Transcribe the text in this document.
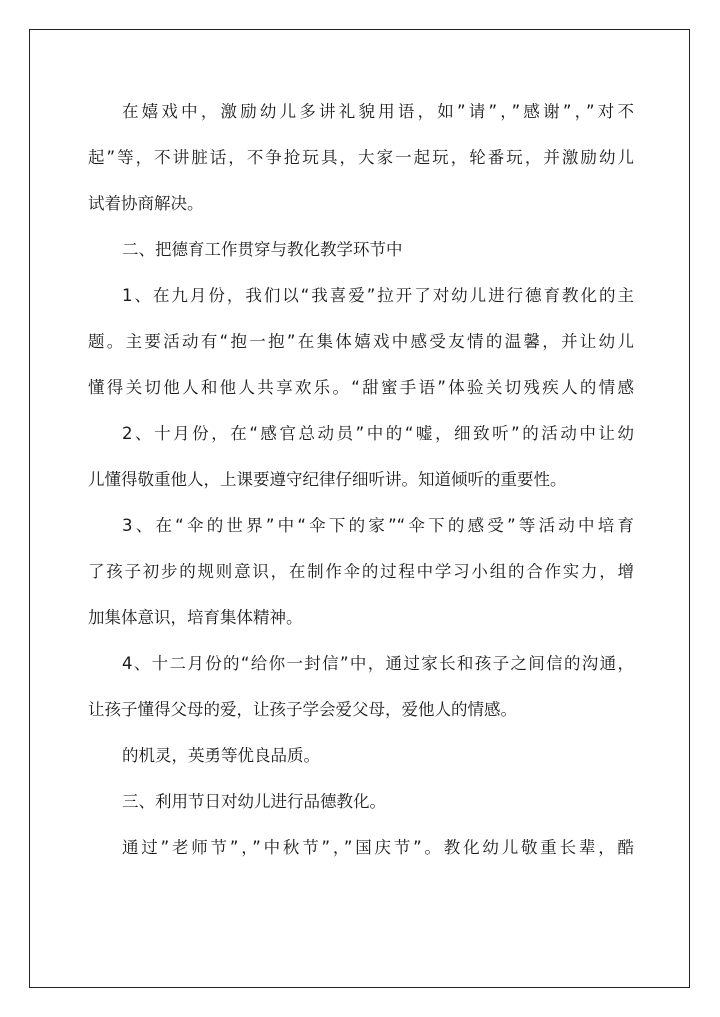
在嬉戏中，激励幼儿多讲礼貌用语，如”请”，”感谢”，”对不
起”等，不讲脏话，不争抢玩具，大家一起玩，轮番玩，并激励幼儿
试着协商解决。
二、把德育工作贯穿与教化教学环节中
1、在九月份，我们以“我喜爱”拉开了对幼儿进行德育教化的主
题。主要活动有“抱一抱”在集体嬉戏中感受友情的温馨，并让幼儿
懂得关切他人和他人共享欢乐。“甜蜜手语”体验关切残疾人的情感
2、十月份，在“感官总动员”中的“嘘，细致听”的活动中让幼
儿懂得敬重他人，上课要遵守纪律仔细听讲。知道倾听的重要性。
3、在“伞的世界”中“伞下的家”“伞下的感受”等活动中培育
了孩子初步的规则意识，在制作伞的过程中学习小组的合作实力，增
加集体意识，培育集体精神。
4、十二月份的“给你一封信”中，通过家长和孩子之间信的沟通，
让孩子懂得父母的爱，让孩子学会爱父母，爱他人的情感。
的机灵，英勇等优良品质。
三、利用节日对幼儿进行品德教化。
通过”老师节”，”中秋节”，”国庆节”。教化幼儿敬重长辈，酷
